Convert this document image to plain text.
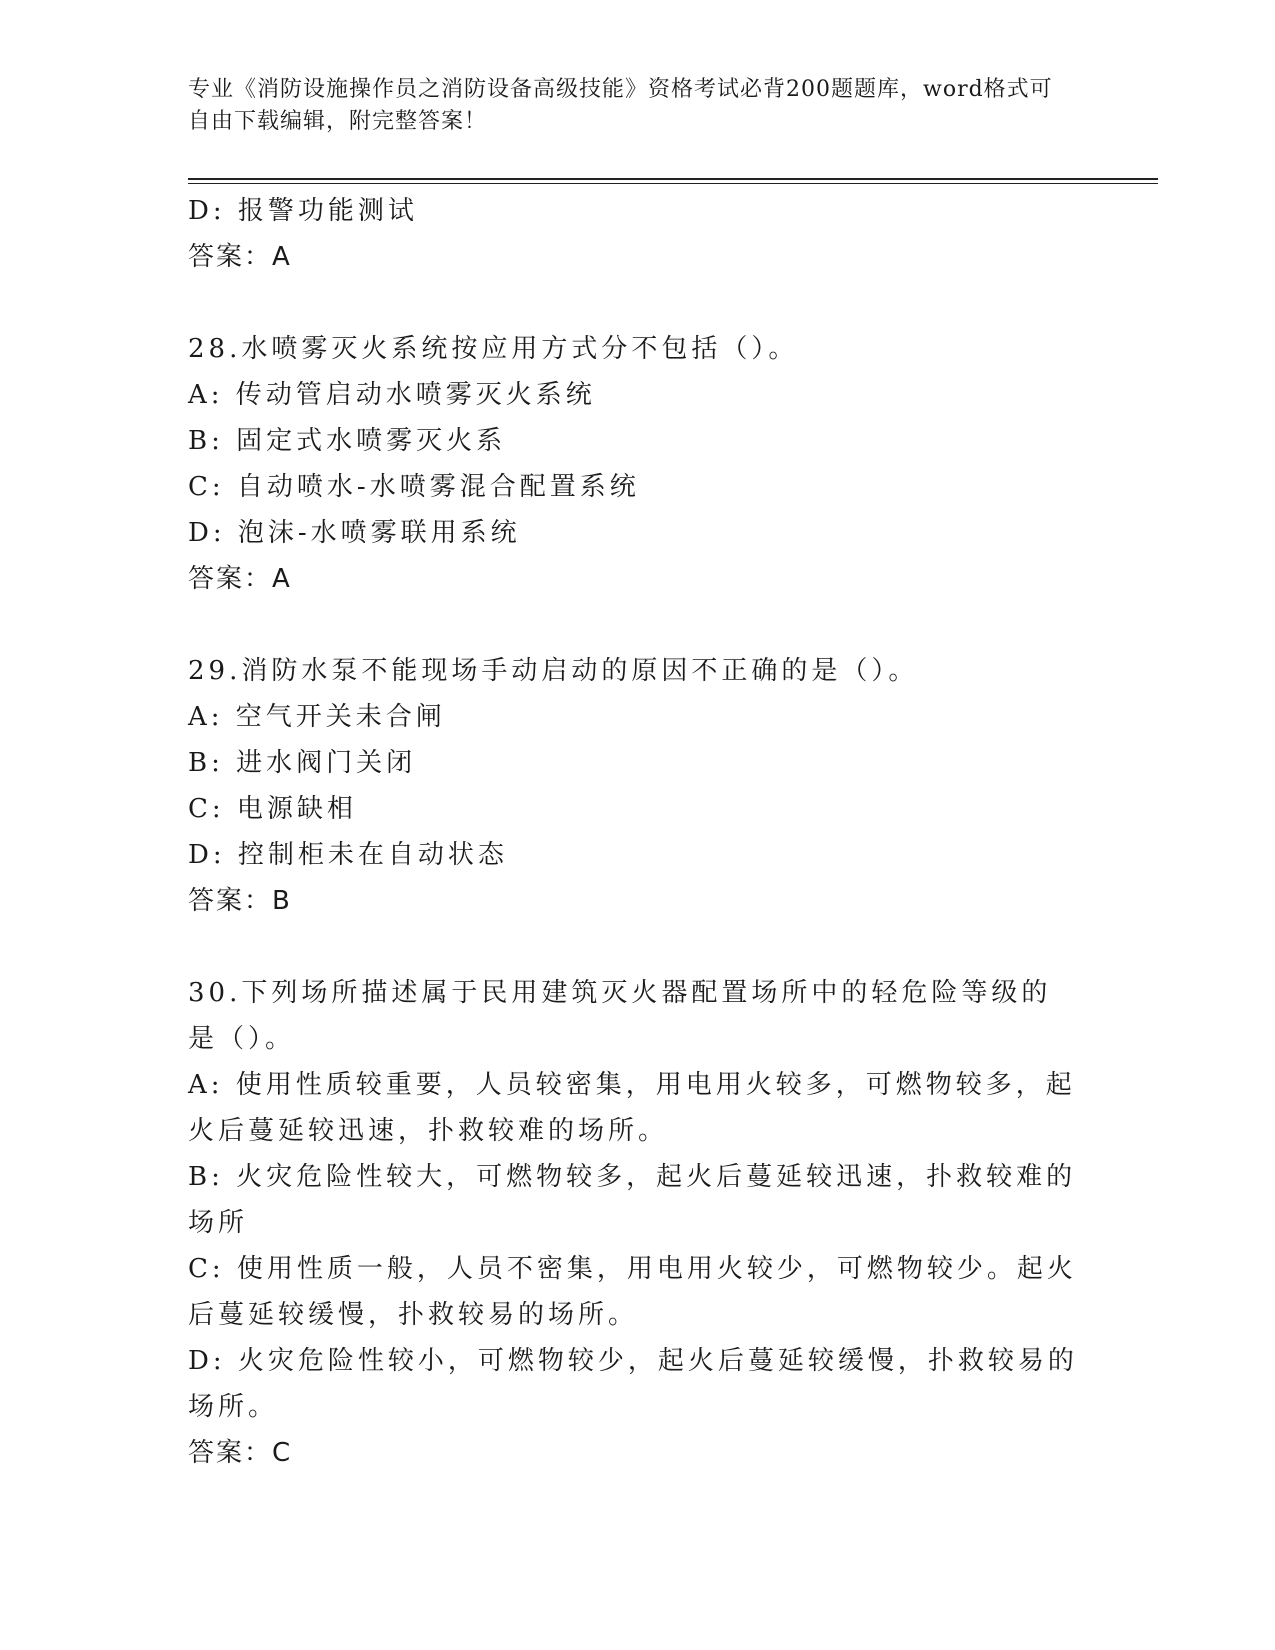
专业《消防设施操作员之消防设备高级技能》资格考试必背200题题库，word格式可自由下载编辑，附完整答案！
D: 报警功能测试
答案：A
28.水喷雾灭火系统按应用方式分不包括（）。
A: 传动管启动水喷雾灭火系统
B: 固定式水喷雾灭火系
C: 自动喷水-水喷雾混合配置系统
D: 泡沫-水喷雾联用系统
答案：A
29.消防水泵不能现场手动启动的原因不正确的是（）。
A: 空气开关未合闸
B: 进水阀门关闭
C: 电源缺相
D: 控制柜未在自动状态
答案：B
30.下列场所描述属于民用建筑灭火器配置场所中的轻危险等级的是（）。
A: 使用性质较重要，人员较密集，用电用火较多，可燃物较多，起火后蔓延较迅速，扑救较难的场所。
B: 火灾危险性较大，可燃物较多，起火后蔓延较迅速，扑救较难的场所
C: 使用性质一般，人员不密集，用电用火较少，可燃物较少。起火后蔓延较缓慢，扑救较易的场所。
D: 火灾危险性较小，可燃物较少，起火后蔓延较缓慢，扑救较易的场所。
答案：C
